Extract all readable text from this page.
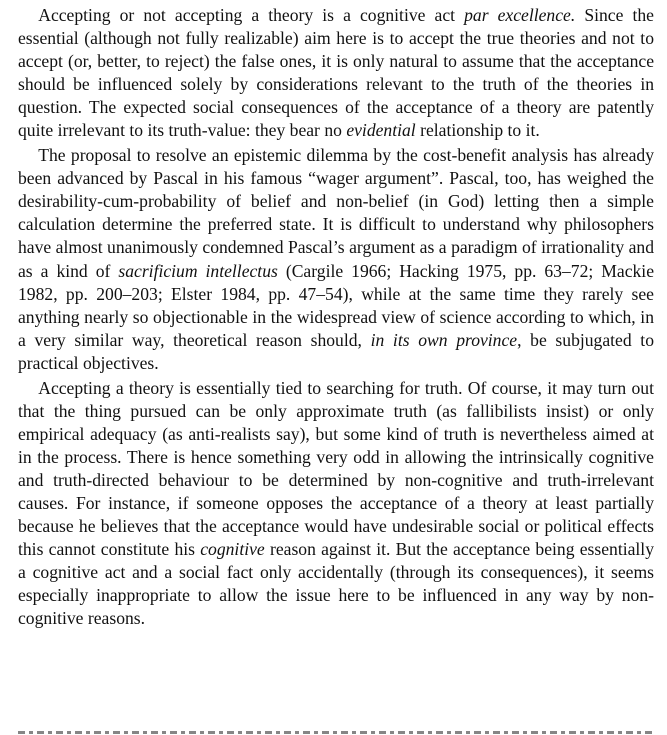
Accepting or not accepting a theory is a cognitive act par excellence. Since the essential (although not fully realizable) aim here is to accept the true theories and not to accept (or, better, to reject) the false ones, it is only natural to assume that the acceptance should be influenced solely by considerations relevant to the truth of the theories in question. The expected social consequences of the acceptance of a theory are patently quite irrelevant to its truth-value: they bear no evidential relationship to it.

The proposal to resolve an epistemic dilemma by the cost-benefit analysis has already been advanced by Pascal in his famous “wager argument”. Pascal, too, has weighed the desirability-cum-probability of belief and non-belief (in God) letting then a simple calculation determine the preferred state. It is difficult to understand why philosophers have almost unanimously condemned Pascal’s argument as a paradigm of irrationality and as a kind of sacrificium intellectus (Cargile 1966; Hacking 1975, pp. 63–72; Mackie 1982, pp. 200–203; Elster 1984, pp. 47–54), while at the same time they rarely see anything nearly so objectionable in the widespread view of science according to which, in a very similar way, theoretical reason should, in its own province, be subjugated to practical objectives.

Accepting a theory is essentially tied to searching for truth. Of course, it may turn out that the thing pursued can be only approximate truth (as fallibilists insist) or only empirical adequacy (as anti-realists say), but some kind of truth is nevertheless aimed at in the process. There is hence something very odd in allowing the intrinsically cognitive and truth-directed behaviour to be determined by non-cognitive and truth-irrelevant causes. For instance, if someone opposes the acceptance of a theory at least partially because he believes that the acceptance would have undesirable social or political effects this cannot constitute his cognitive reason against it. But the acceptance being essentially a cognitive act and a social fact only accidentally (through its consequences), it seems especially inappropriate to allow the issue here to be influenced in any way by non-cognitive reasons.
